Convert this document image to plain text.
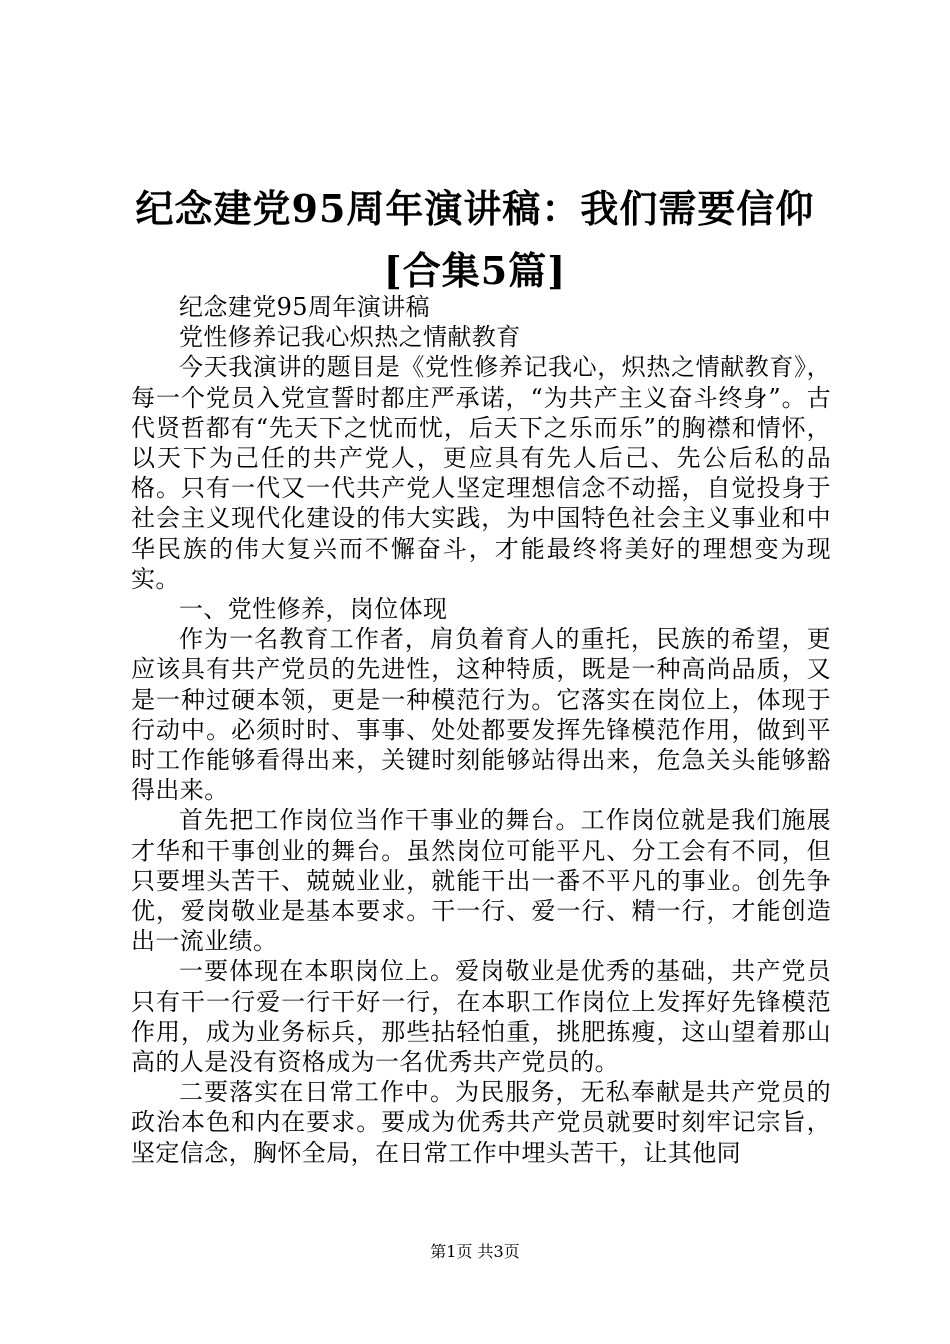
纪念建党95周年演讲稿：我们需要信仰[合集5篇]

纪念建党95周年演讲稿

党性修养记我心炽热之情献教育

今天我演讲的题目是《党性修养记我心，炽热之情献教育》，每一个党员入党宣誓时都庄严承诺，“为共产主义奋斗终身”。古代贤哲都有“先天下之忧而忧，后天下之乐而乐”的胸襟和情怀，以天下为己任的共产党人，更应具有先人后己、先公后私的品格。只有一代又一代共产党人坚定理想信念不动摇，自觉投身于社会主义现代化建设的伟大实践，为中国特色社会主义事业和中华民族的伟大复兴而不懈奋斗，才能最终将美好的理想变为现实。

一、党性修养，岗位体现

作为一名教育工作者，肩负着育人的重托，民族的希望，更应该具有共产党员的先进性，这种特质，既是一种高尚品质，又是一种过硬本领，更是一种模范行为。它落实在岗位上，体现于行动中。必须时时、事事、处处都要发挥先锋模范作用，做到平时工作能够看得出来，关键时刻能够站得出来，危急关头能够豁得出来。

首先把工作岗位当作干事业的舞台。工作岗位就是我们施展才华和干事创业的舞台。虽然岗位可能平凡、分工会有不同，但只要埋头苦干、兢兢业业，就能干出一番不平凡的事业。创先争优，爱岗敬业是基本要求。干一行、爱一行、精一行，才能创造出一流业绩。

一要体现在本职岗位上。爱岗敬业是优秀的基础，共产党员只有干一行爱一行干好一行，在本职工作岗位上发挥好先锋模范作用，成为业务标兵，那些拈轻怕重，挑肥拣瘦，这山望着那山高的人是没有资格成为一名优秀共产党员的。

二要落实在日常工作中。为民服务，无私奉献是共产党员的政治本色和内在要求。要成为优秀共产党员就要时刻牢记宗旨，坚定信念，胸怀全局，在日常工作中埋头苦干，让其他同

第1页 共3页
